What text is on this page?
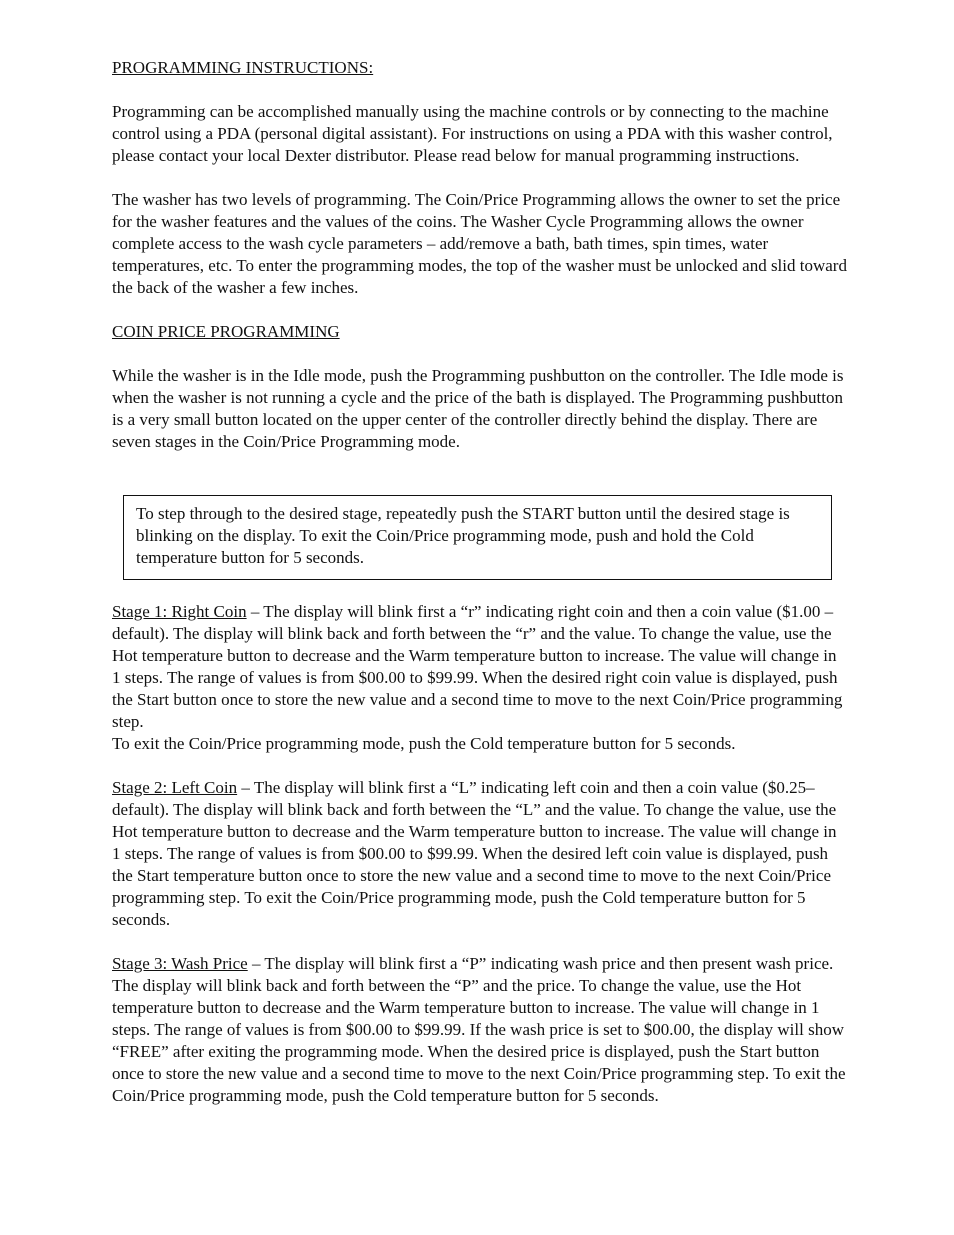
PROGRAMMING INSTRUCTIONS:

Programming can be accomplished manually using the machine controls or by connecting to the machine control using a PDA (personal digital assistant). For instructions on using a PDA with this washer control, please contact your local Dexter distributor. Please read below for manual programming instructions.

The washer has two levels of programming. The Coin/Price Programming allows the owner to set the price for the washer features and the values of the coins. The Washer Cycle Programming allows the owner complete access to the wash cycle parameters – add/remove a bath, bath times, spin times, water temperatures, etc. To enter the programming modes, the top of the washer must be unlocked and slid toward the back of the washer a few inches.

COIN PRICE PROGRAMMING

While the washer is in the Idle mode, push the Programming pushbutton on the controller. The Idle mode is when the washer is not running a cycle and the price of the bath is displayed. The Programming pushbutton is a very small button located on the upper center of the controller directly behind the display. There are seven stages in the Coin/Price Programming mode.

To step through to the desired stage, repeatedly push the START button until the desired stage is blinking on the display. To exit the Coin/Price programming mode, push and hold the Cold temperature button for 5 seconds.

Stage 1: Right Coin – The display will blink first a “r” indicating right coin and then a coin value ($1.00 – default). The display will blink back and forth between the “r” and the value. To change the value, use the Hot temperature button to decrease and the Warm temperature button to increase. The value will change in 1 steps. The range of values is from $00.00 to $99.99. When the desired right coin value is displayed, push the Start button once to store the new value and a second time to move to the next Coin/Price programming step.
To exit the Coin/Price programming mode, push the Cold temperature button for 5 seconds.

Stage 2: Left Coin – The display will blink first a “L” indicating left coin and then a coin value ($0.25– default). The display will blink back and forth between the “L” and the value. To change the value, use the Hot temperature button to decrease and the Warm temperature button to increase. The value will change in 1 steps. The range of values is from $00.00 to $99.99. When the desired left coin value is displayed, push the Start temperature button once to store the new value and a second time to move to the next Coin/Price programming step. To exit the Coin/Price programming mode, push the Cold temperature button for 5 seconds.

Stage 3: Wash Price – The display will blink first a “P” indicating wash price and then present wash price. The display will blink back and forth between the “P” and the price. To change the value, use the Hot temperature button to decrease and the Warm temperature button to increase. The value will change in 1 steps. The range of values is from $00.00 to $99.99. If the wash price is set to $00.00, the display will show “FREE” after exiting the programming mode. When the desired price is displayed, push the Start button once to store the new value and a second time to move to the next Coin/Price programming step. To exit the Coin/Price programming mode, push the Cold temperature button for 5 seconds.
